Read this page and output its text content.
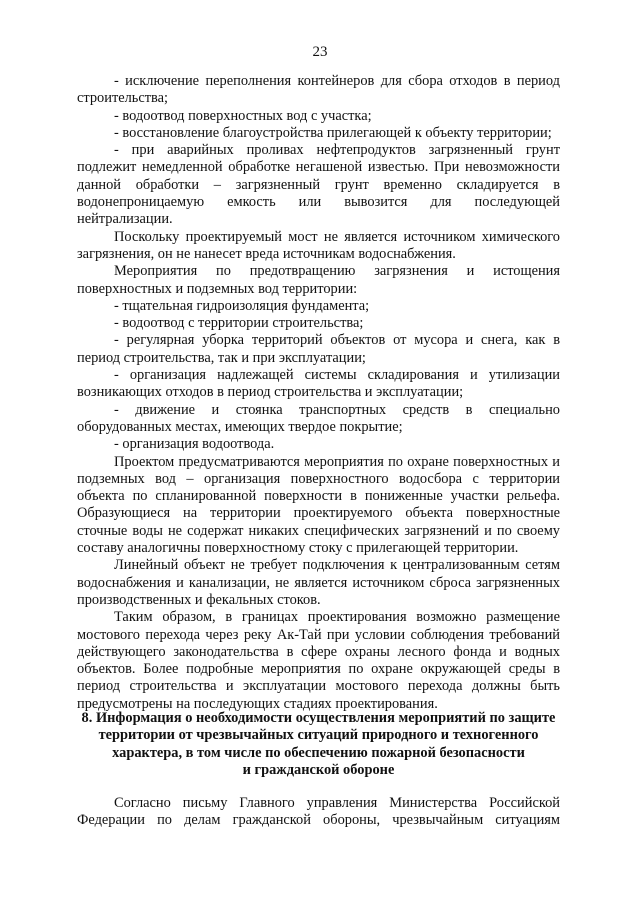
23

- исключение переполнения контейнеров для сбора отходов в период строительства;

- водоотвод поверхностных вод с участка;

- восстановление благоустройства прилегающей к объекту территории;

- при аварийных проливах нефтепродуктов загрязненный грунт подлежит немедленной обработке негашеной известью. При невозможности данной обработки – загрязненный грунт временно складируется в водонепроницаемую емкость или вывозится для последующей нейтрализации.

Поскольку проектируемый мост не является источником химического загрязнения, он не нанесет вреда источникам водоснабжения.

Мероприятия по предотвращению загрязнения и истощения поверхностных и подземных вод территории:

- тщательная гидроизоляция фундамента;

- водоотвод с территории строительства;

- регулярная уборка территорий объектов от мусора и снега, как в период строительства, так и при эксплуатации;

- организация надлежащей системы складирования и утилизации возникающих отходов в период строительства и эксплуатации;

- движение и стоянка транспортных средств в специально оборудованных местах, имеющих твердое покрытие;

- организация водоотвода.

Проектом предусматриваются мероприятия по охране поверхностных и подземных вод – организация поверхностного водосбора с территории объекта по спланированной поверхности в пониженные участки рельефа. Образующиеся на территории проектируемого объекта поверхностные сточные воды не содержат никаких специфических загрязнений и по своему составу аналогичны поверхностному стоку с прилегающей территории.

Линейный объект не требует подключения к централизованным сетям водоснабжения и канализации, не является источником сброса загрязненных производственных и фекальных стоков.

Таким образом, в границах проектирования возможно размещение мостового перехода через реку Ак-Тай при условии соблюдения требований действующего законодательства в сфере охраны лесного фонда и водных объектов. Более подробные мероприятия по охране окружающей среды в период строительства и эксплуатации мостового перехода должны быть предусмотрены на последующих стадиях проектирования.

8. Информация о необходимости осуществления мероприятий по защите
территории от чрезвычайных ситуаций природного и техногенного
характера, в том числе по обеспечению пожарной безопасности
и гражданской обороне

Согласно письму Главного управления Министерства Российской Федерации по делам гражданской обороны, чрезвычайным ситуациям
